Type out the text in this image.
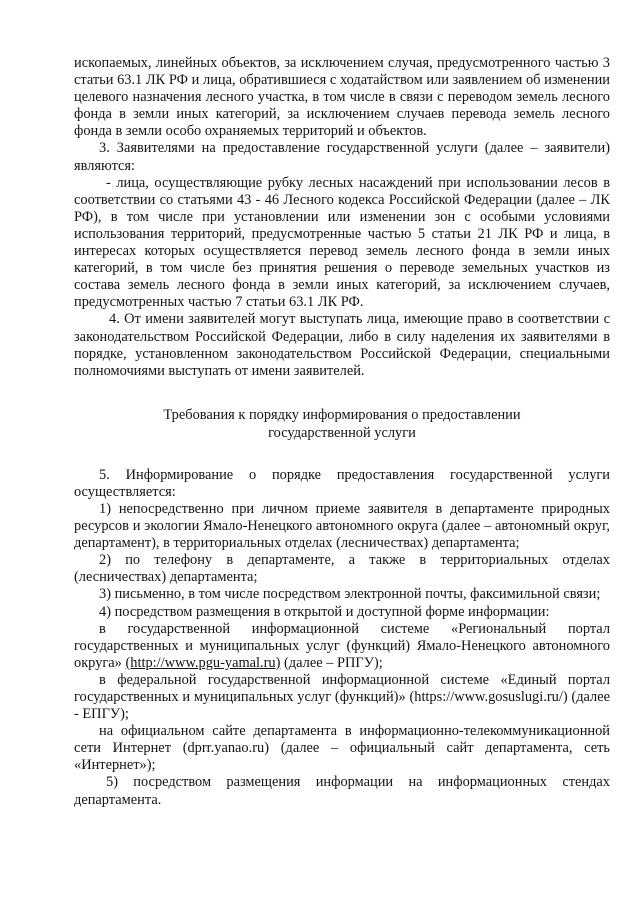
ископаемых, линейных объектов, за исключением случая, предусмотренного частью 3 статьи 63.1 ЛК РФ и лица, обратившиеся с ходатайством или заявлением об изменении целевого назначения лесного участка, в том числе в связи с переводом земель лесного фонда в земли иных категорий, за исключением случаев перевода земель лесного фонда в земли особо охраняемых территорий и объектов.

3. Заявителями на предоставление государственной услуги (далее – заявители) являются:

- лица, осуществляющие рубку лесных насаждений при использовании лесов в соответствии со статьями 43 - 46 Лесного кодекса Российской Федерации (далее – ЛК РФ), в том числе при установлении или изменении зон с особыми условиями использования территорий, предусмотренные частью 5 статьи 21 ЛК РФ и лица, в интересах которых осуществляется перевод земель лесного фонда в земли иных категорий, в том числе без принятия решения о переводе земельных участков из состава земель лесного фонда в земли иных категорий, за исключением случаев, предусмотренных частью 7 статьи 63.1 ЛК РФ.

4. От имени заявителей могут выступать лица, имеющие право в соответствии с законодательством Российской Федерации, либо в силу наделения их заявителями в порядке, установленном законодательством Российской Федерации, специальными полномочиями выступать от имени заявителей.

Требования к порядку информирования о предоставлении
государственной услуги

5. Информирование о порядке предоставления государственной услуги осуществляется:

1) непосредственно при личном приеме заявителя в департаменте природных ресурсов и экологии Ямало-Ненецкого автономного округа (далее – автономный округ, департамент), в территориальных отделах (лесничествах) департамента;

2) по телефону в департаменте, а также в территориальных отделах (лесничествах) департамента;

3) письменно, в том числе посредством электронной почты, факсимильной связи;

4) посредством размещения в открытой и доступной форме информации:

в государственной информационной системе «Региональный портал государственных и муниципальных услуг (функций) Ямало-Ненецкого автономного округа» (http://www.pgu-yamal.ru) (далее – РПГУ);

в федеральной государственной информационной системе «Единый портал государственных и муниципальных услуг (функций)» (https://www.gosuslugi.ru/) (далее - ЕПГУ);

на официальном сайте департамента в информационно-телекоммуникационной сети Интернет (dprr.yanao.ru) (далее – официальный сайт департамента, сеть «Интернет»);

5) посредством размещения информации на информационных стендах департамента.
